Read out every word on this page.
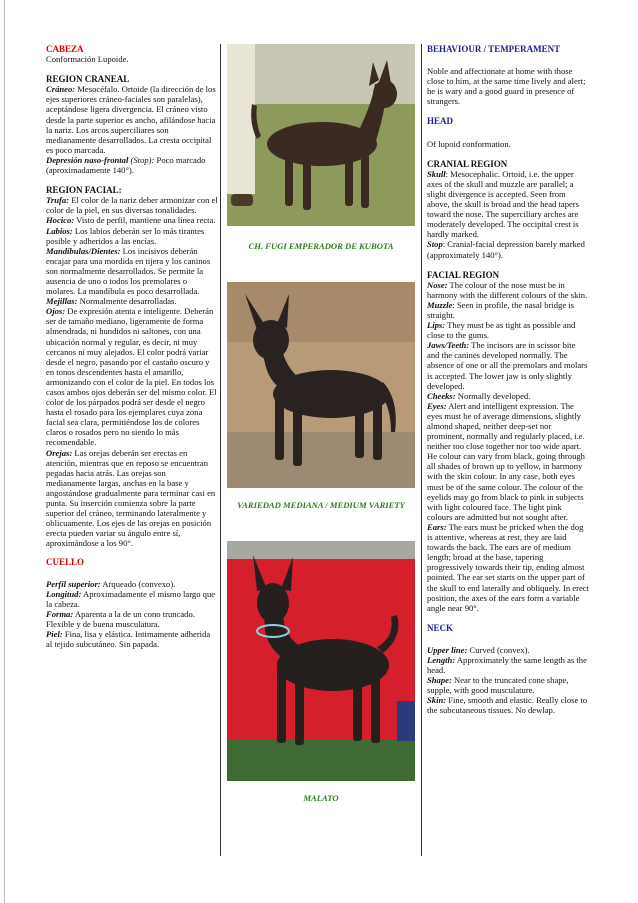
CABEZA

Conformación Lupoide.

REGION CRANEAL

Cráneo: Mesocéfalo. Ortoide (la dirección de los ejes superiores cráneo-faciales son paralelas), aceptándose ligera divergencia. El cráneo visto desde la parte superior es ancho, afilándose hacia la nariz. Los arcos superciliares son medianamente desarrollados. La cresta occipital es poco marcada.

Depresión naso-frontal (Stop): Poco marcado (aproximadamente 140°).

REGION FACIAL:

Trufa: El color de la nariz deber armonizar con el color de la piel, en sus diversas tonalidades.

Hocico: Visto de perfil, mantiene una línea recta.

Labios: Los labios deberán ser lo más tirantes posible y adheridos a las encías.

Mandíbulas/Dientes: Los incisivos deberán encajar para una mordida en tijera y los caninos son normalmente desarrollados. Se permite la ausencia de uno o todos los premolares o molares. La mandíbula es poco desarrollada.

Mejillas: Normalmente desarrolladas.

Ojos: De expresión atenta e inteligente. Deberán ser de tamaño mediano, ligeramente de forma almendrada, ni hundidos ni saltones, con una ubicación normal y regular, es decir, ni muy cercanos ni muy alejados. El color podrá variar desde el negro, pasando por el castaño oscuro y en tonos descendentes hasta el amarillo, armonizando con el color de la piel. En todos los casos ambos ojos deberán ser del mismo color. El color de los párpados podrá ser desde el negro hasta el rosado para los ejemplares cuya zona facial sea clara, permitiéndose los de colores claros o rosados pero no siendo lo más recomendable.

Orejas: Las orejas deberán ser erectas en atención, mientras que en reposo se encuentran pegadas hacia atrás. Las orejas son medianamente largas, anchas en la base y angostándose gradualmente para terminar casi en punta. Su inserción comienza sobre la parte superior del cráneo, terminando lateralmente y oblicuamente. Los ejes de las orejas en posición erecta pueden variar su ángulo entre sí, aproximándose a los 90°.

CUELLO

Perfil superior: Arqueado (convexo).

Longitud: Aproximadamente el mismo largo que la cabeza.

Forma: Aparenta a la de un cono truncado. Flexible y de buena musculatura.

Piel: Fina, lisa y elástica. Intimamente adherida al tejido subcutáneo. Sin papada.

CH. FUGI EMPERADOR DE KUBOTA
VARIEDAD MEDIANA / MEDIUM VARIETY
MALATO

BEHAVIOUR / TEMPERAMENT

Noble and affectionate at home with those close to him, at the same time lively and alert; he is wary and a good guard in presence of strangers.

HEAD

Of lupoid conformation.

CRANIAL REGION

Skull: Mesocephalic. Ortoid, i.e. the upper axes of the skull and muzzle are parallel; a slight divergence is accepted. Seen from above, the skull is broad and the head tapers toward the nose. The superciliary arches are moderately developed. The occipital crest is hardly marked.

Stop: Cranial-facial depression barely marked (approximately 140°).

FACIAL REGION

Nose: The colour of the nose must be in harmony with the different colours of the skin.

Muzzle: Seen in profile, the nasal bridge is straight.

Lips: They must be as tight as possible and close to the gums.

Jaws/Teeth: The incisors are in scissor bite and the canines developed normally. The absence of one or all the premolars and molars is accepted. The lower jaw is only slightly developed.

Cheeks: Normally developed.

Eyes: Alert and intelligent expression. The eyes must be of average dimensions, slightly almond shaped, neither deep-set nor prominent, normally and regularly placed, i.e. neither too close together nor too wide apart. He colour can vary from black, going through all shades of brown up to yellow, in harmony with the skin colour. In any case, both eyes must be of the same colour. The colour of the eyelids may go from black to pink in subjects with light coloured face. The light pink colours are admitted but not sought after.

Ears: The ears must be pricked when the dog is attentive, whereas at rest, they are laid towards the back. The ears are of medium length; broad at the base, tapering progressively towards their tip, ending almost pointed. The ear set starts on the upper part of the skull to end laterally and obliquely. In erect position, the axes of the ears form a variable angle near 90°.

NECK

Upper line: Curved (convex).

Length: Approximately the same length as the head.

Shape: Near to the truncated cone shape, supple, with good musculature.

Skin: Fine, smooth and elastic. Really close to the subcutaneous tissues. No dewlap.
